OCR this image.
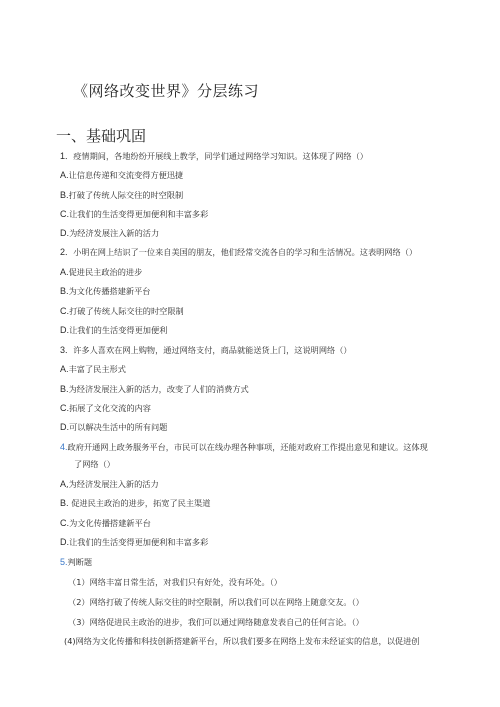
《网络改变世界》分层练习
一、基础巩固
1．疫情期间，各地纷纷开展线上教学，同学们通过网络学习知识。这体现了网络（）
A.让信息传递和交流变得方便迅捷
B.打破了传统人际交往的时空限制
C.让我们的生活变得更加便利和丰富多彩
D.为经济发展注入新的活力
2．小明在网上结识了一位来自美国的朋友，他们经常交流各自的学习和生活情况。这表明网络（）
A.促进民主政治的进步
B.为文化传播搭建新平台
C.打破了传统人际交往的时空限制
D.让我们的生活变得更加便利
3．许多人喜欢在网上购物，通过网络支付，商品就能送货上门，这说明网络（）
A.丰富了民主形式
B.为经济发展注入新的活力，改变了人们的消费方式
C.拓展了文化交流的内容
D.可以解决生活中的所有问题
4.政府开通网上政务服务平台，市民可以在线办理各种事项，还能对政府工作提出意见和建议。这体现
了网络（）
A,为经济发展注入新的活力
B. 促进民主政治的进步，拓宽了民主渠道
C.为文化传播搭建新平台
D.让我们的生活变得更加便利和丰富多彩
5.判断题
（1）网络丰富日常生活，对我们只有好处，没有坏处。（）
（2）网络打破了传统人际交往的时空限制，所以我们可以在网络上随意交友。（）
（3）网络促进民主政治的进步，我们可以通过网络随意发表自己的任何言论。（）
(4)网络为文化传播和科技创新搭建新平台，所以我们要多在网络上发布未经证实的信息，以促进创
